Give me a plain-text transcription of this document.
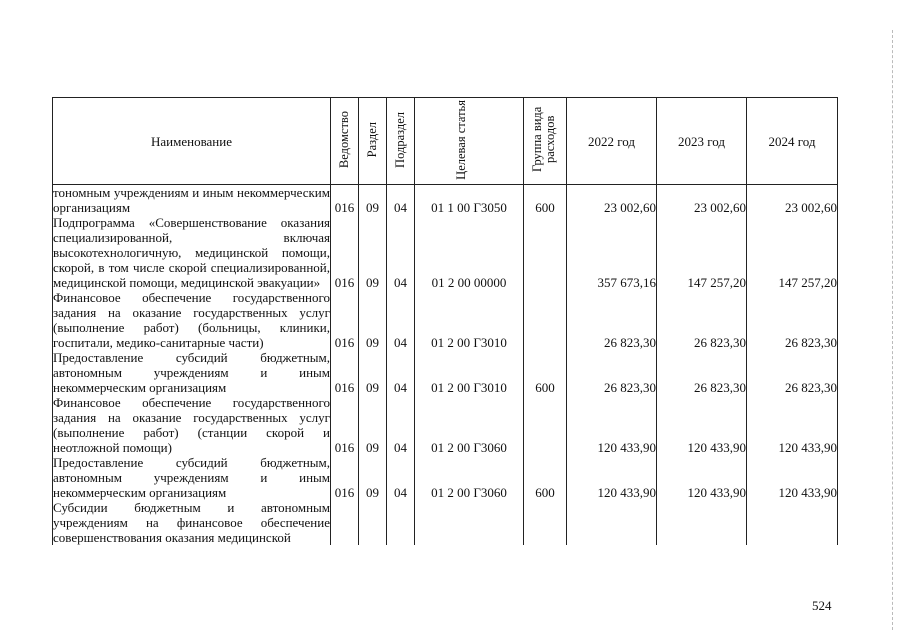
Наименование	Ведомство	Раздел	Подраздел	Целевая статья	Группа вида расходов	2022 год	2023 год	2024 год
тономным учреждениям и иным некоммерческим организациям	016	09	04	01 1 00 Г3050	600	23 002,60	23 002,60	23 002,60
Подпрограмма «Совершенствование оказания специализированной, включая высокотехнологичную, медицинской помощи, скорой, в том числе скорой специализированной, медицинской помощи, медицинской эвакуации»	016	09	04	01 2 00 00000		357 673,16	147 257,20	147 257,20
Финансовое обеспечение государственного задания на оказание государственных услуг (выполнение работ) (больницы, клиники, госпитали, медико-санитарные части)	016	09	04	01 2 00 Г3010		26 823,30	26 823,30	26 823,30
Предоставление субсидий бюджетным, автономным учреждениям и иным некоммерческим организациям	016	09	04	01 2 00 Г3010	600	26 823,30	26 823,30	26 823,30
Финансовое обеспечение государственного задания на оказание государственных услуг (выполнение работ) (станции скорой и неотложной помощи)	016	09	04	01 2 00 Г3060		120 433,90	120 433,90	120 433,90
Предоставление субсидий бюджетным, автономным учреждениям и иным некоммерческим организациям	016	09	04	01 2 00 Г3060	600	120 433,90	120 433,90	120 433,90
Субсидии бюджетным и автономным учреждениям на финансовое обеспечение совершенствования оказания медицинской								
524
